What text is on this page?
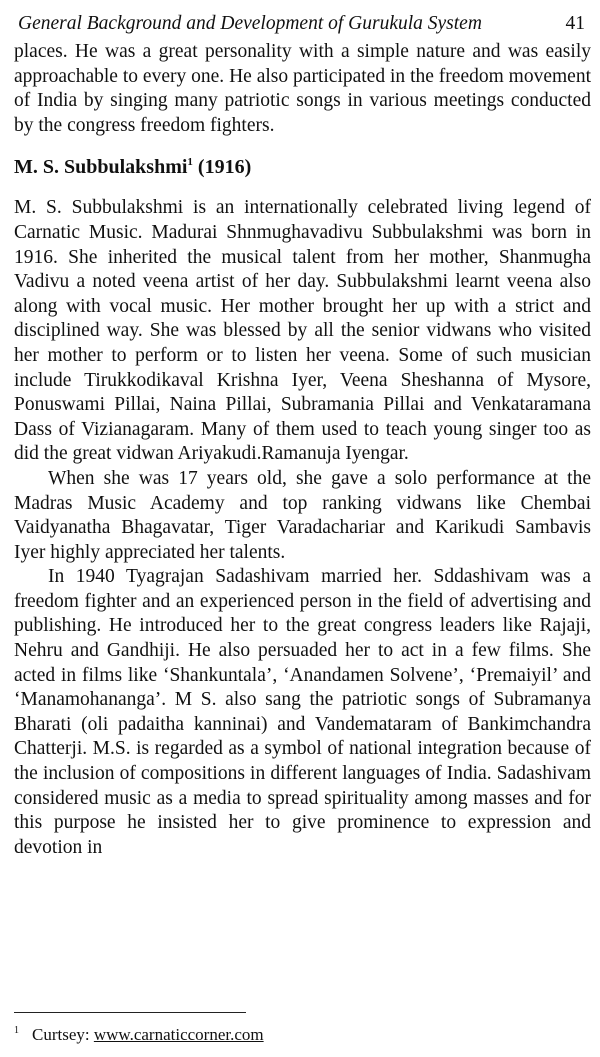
General Background and Development of Gurukula System	41

places. He was a great personality with a simple nature and was easily approachable to every one. He also participated in the freedom movement of India by singing many patriotic songs in various meetings conducted by the congress freedom fighters.

M. S. Subbulakshmi$^1$ (1916)

M. S. Subbulakshmi is an internationally celebrated living legend of Carnatic Music. Madurai Shnmughavadivu Subbulakshmi was born in 1916. She inherited the musical talent from her mother, Shanmugha Vadivu a noted veena artist of her day. Subbulakshmi learnt veena also along with vocal music. Her mother brought her up with a strict and disciplined way. She was blessed by all the senior vidwans who visited her mother to perform or to listen her veena. Some of such musician include Tirukkodikaval Krishna Iyer, Veena Sheshanna of Mysore, Ponuswami Pillai, Naina Pillai, Subramania Pillai and Venkataramana Dass of Vizianagaram. Many of them used to teach young singer too as did the great vidwan Ariyakudi.Ramanuja Iyengar.

When she was 17 years old, she gave a solo performance at the Madras Music Academy and top ranking vidwans like Chembai Vaidyanatha Bhagavatar, Tiger Varadachariar and Karikudi Sambavis Iyer highly appreciated her talents.

In 1940 Tyagrajan Sadashivam married her. Sddashivam was a freedom fighter and an experienced person in the field of advertising and publishing. He introduced her to the great congress leaders like Rajaji, Nehru and Gandhiji. He also persuaded her to act in a few films. She acted in films like ‘Shankuntala’, ‘Anandamen Solvene’, ‘Premaiyil’ and ‘Manamohananga’. M S. also sang the patriotic songs of Subramanya Bharati (oli padaitha kanninai) and Vandemataram of Bankimchandra Chatterji. M.S. is regarded as a symbol of national integration because of the inclusion of compositions in different languages of India. Sadashivam considered music as a media to spread spirituality among masses and for this purpose he insisted her to give prominence to expression and devotion in

$^1$ Curtsey: www.carnaticcorner.com
